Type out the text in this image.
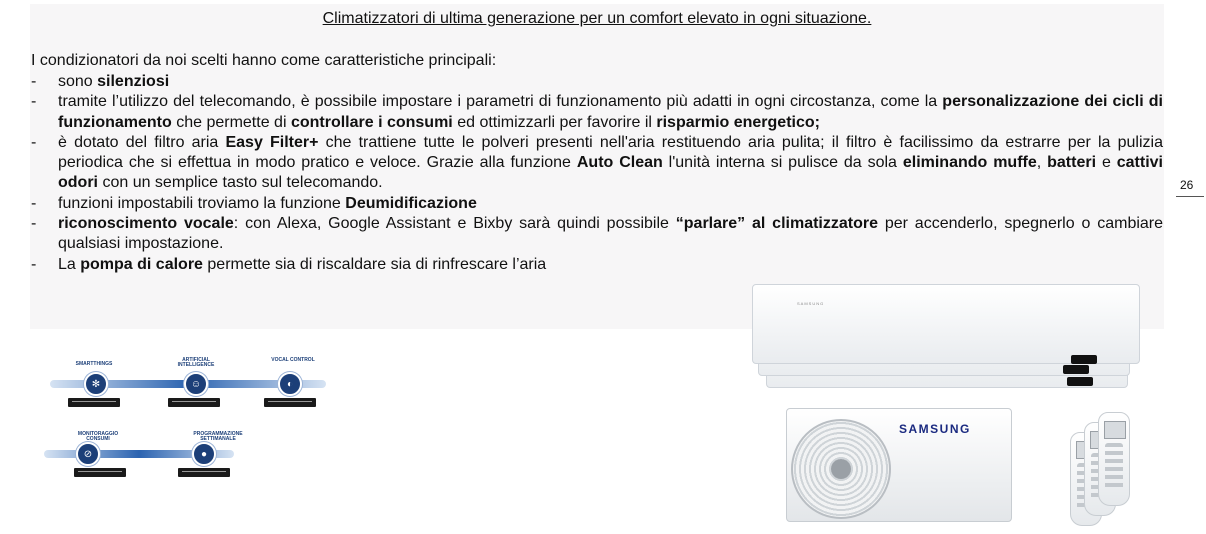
Climatizzatori di ultima generazione per un comfort elevato in ogni situazione.

I condizionatori da noi scelti hanno come caratteristiche principali:

- sono silenziosi
- tramite l’utilizzo del telecomando, è possibile impostare i parametri di funzionamento più adatti in ogni circostanza, come la personalizzazione dei cicli di funzionamento che permette di controllare i consumi ed ottimizzarli per favorire il risparmio energetico;
- è dotato del filtro aria Easy Filter+ che trattiene tutte le polveri presenti nell'aria restituendo aria pulita; il filtro è facilissimo da estrarre per la pulizia periodica che si effettua in modo pratico e veloce. Grazie alla funzione Auto Clean l'unità interna si pulisce da sola eliminando muffe, batteri e cattivi odori con un semplice tasto sul telecomando.
- funzioni impostabili troviamo la funzione Deumidificazione
- riconoscimento vocale: con Alexa, Google Assistant e Bixby sarà quindi possibile “parlare” al climatizzatore per accenderlo, spegnerlo o cambiare qualsiasi impostazione.
- La pompa di calore permette sia di riscaldare sia di rinfrescare l’aria
26
SMARTTHINGS
✻
ARTIFICIAL INTELLIGENCE
☺
VOCAL CONTROL
◐
MONITORAGGIO CONSUMI
⊘
PROGRAMMAZIONE SETTIMANALE
●
SAMSUNG
SAMSUNG
